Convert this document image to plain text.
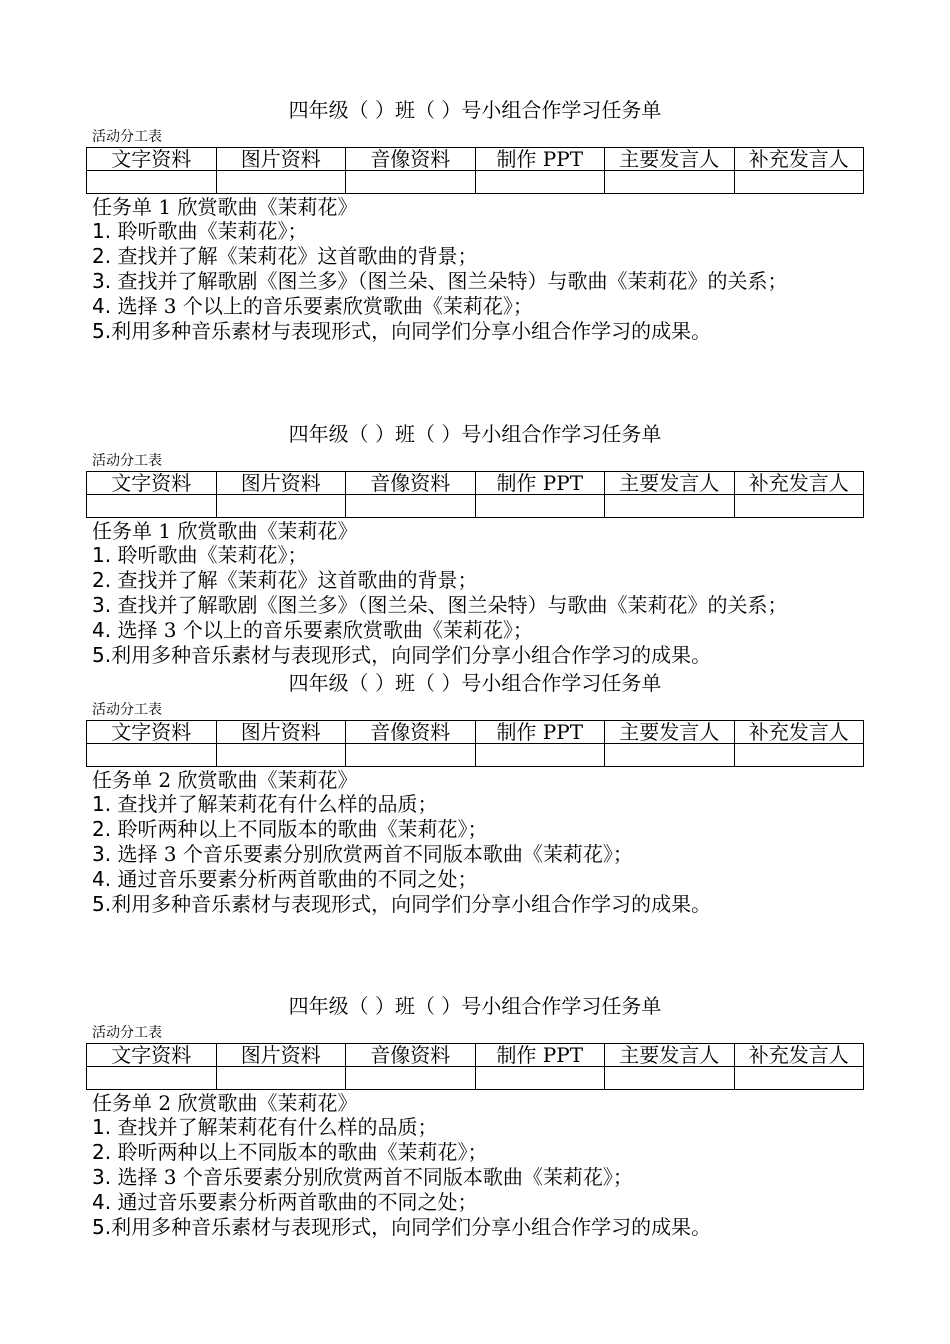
四年级（ ）班（ ）号小组合作学习任务单
活动分工表
文字资料	图片资料	音像资料	制作 PPT	主要发言人	补充发言人

任务单 1 欣赏歌曲《茉莉花》
1. 聆听歌曲《茉莉花》；
2. 查找并了解《茉莉花》这首歌曲的背景；
3. 查找并了解歌剧《图兰多》（图兰朵、图兰朵特）与歌曲《茉莉花》的关系；
4. 选择 3 个以上的音乐要素欣赏歌曲《茉莉花》；
5.利用多种音乐素材与表现形式，向同学们分享小组合作学习的成果。
四年级（ ）班（ ）号小组合作学习任务单
活动分工表
文字资料	图片资料	音像资料	制作 PPT	主要发言人	补充发言人

任务单 1 欣赏歌曲《茉莉花》
1. 聆听歌曲《茉莉花》；
2. 查找并了解《茉莉花》这首歌曲的背景；
3. 查找并了解歌剧《图兰多》（图兰朵、图兰朵特）与歌曲《茉莉花》的关系；
4. 选择 3 个以上的音乐要素欣赏歌曲《茉莉花》；
5.利用多种音乐素材与表现形式，向同学们分享小组合作学习的成果。
四年级（ ）班（ ）号小组合作学习任务单
活动分工表
文字资料	图片资料	音像资料	制作 PPT	主要发言人	补充发言人

任务单 2 欣赏歌曲《茉莉花》
1. 查找并了解茉莉花有什么样的品质；
2. 聆听两种以上不同版本的歌曲《茉莉花》；
3. 选择 3 个音乐要素分别欣赏两首不同版本歌曲《茉莉花》；
4. 通过音乐要素分析两首歌曲的不同之处；
5.利用多种音乐素材与表现形式，向同学们分享小组合作学习的成果。
四年级（ ）班（ ）号小组合作学习任务单
活动分工表
文字资料	图片资料	音像资料	制作 PPT	主要发言人	补充发言人

任务单 2 欣赏歌曲《茉莉花》
1. 查找并了解茉莉花有什么样的品质；
2. 聆听两种以上不同版本的歌曲《茉莉花》；
3. 选择 3 个音乐要素分别欣赏两首不同版本歌曲《茉莉花》；
4. 通过音乐要素分析两首歌曲的不同之处；
5.利用多种音乐素材与表现形式，向同学们分享小组合作学习的成果。
